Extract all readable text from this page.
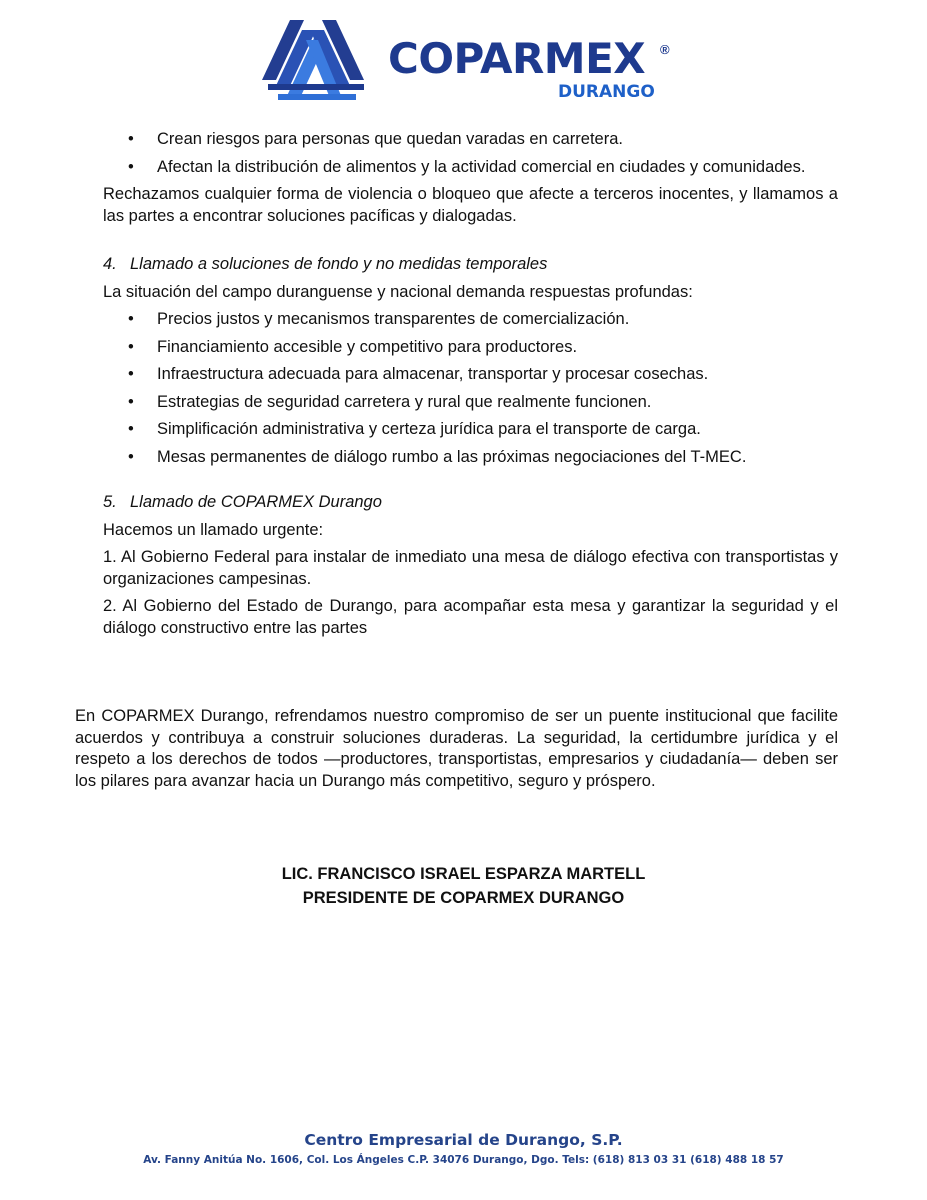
COPARMEX ®
DURANGO
• Crean riesgos para personas que quedan varadas en carretera.
• Afectan la distribución de alimentos y la actividad comercial en ciudades y comunidades.

Rechazamos cualquier forma de violencia o bloqueo que afecte a terceros inocentes, y llamamos a las partes a encontrar soluciones pacíficas y dialogadas.

4. Llamado a soluciones de fondo y no medidas temporales

La situación del campo duranguense y nacional demanda respuestas profundas:

• Precios justos y mecanismos transparentes de comercialización.
• Financiamiento accesible y competitivo para productores.
• Infraestructura adecuada para almacenar, transportar y procesar cosechas.
• Estrategias de seguridad carretera y rural que realmente funcionen.
• Simplificación administrativa y certeza jurídica para el transporte de carga.
• Mesas permanentes de diálogo rumbo a las próximas negociaciones del T-MEC.

5. Llamado de COPARMEX Durango

Hacemos un llamado urgente:

1. Al Gobierno Federal para instalar de inmediato una mesa de diálogo efectiva con transportistas y organizaciones campesinas.

2. Al Gobierno del Estado de Durango, para acompañar esta mesa y garantizar la seguridad y el diálogo constructivo entre las partes

En COPARMEX Durango, refrendamos nuestro compromiso de ser un puente institucional que facilite acuerdos y contribuya a construir soluciones duraderas. La seguridad, la certidumbre jurídica y el respeto a los derechos de todos —productores, transportistas, empresarios y ciudadanía— deben ser los pilares para avanzar hacia un Durango más competitivo, seguro y próspero.

LIC. FRANCISCO ISRAEL ESPARZA MARTELL
PRESIDENTE DE COPARMEX DURANGO
Centro Empresarial de Durango, S.P.
Av. Fanny Anitúa No. 1606, Col. Los Ángeles C.P. 34076 Durango, Dgo. Tels: (618) 813 03 31 (618) 488 18 57
